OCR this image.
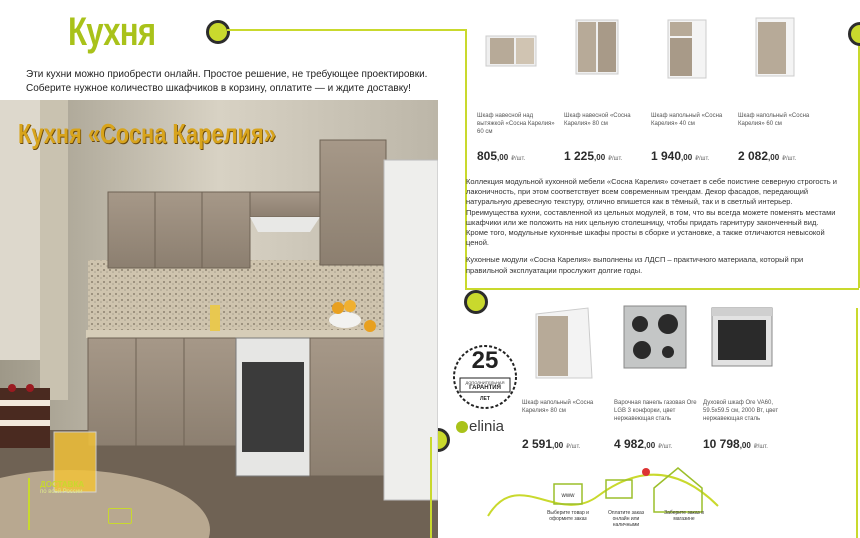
Кухня
Эти кухни можно приобрести онлайн. Простое решение, не требующее проектировки.
Соберите нужное количество шкафчиков в корзину, оплатите — и ждите доставку!
Кухня «Сосна Карелия»
ДОСТАВКА
по всей России
Шкаф навесной над вытяжкой «Сосна Карелия» 60 см
Шкаф навесной «Сосна Карелия» 80 см
Шкаф напольный «Сосна Карелия» 40 см
Шкаф напольный «Сосна Карелия» 60 см
805,00 ₽/шт.	1 225,00 ₽/шт. 1 940,00 ₽/шт. 2 082,00 ₽/шт.

Коллекция модульной кухонной мебели «Сосна Карелия» сочетает в себе поистине северную строгость и лаконичность, при этом соответствует всем современным трендам. Декор фасадов, передающий натуральную древесную текстуру, отлично впишется как в тёмный, так и в светлый интерьер. Преимущества кухни, составленной из цельных модулей, в том, что вы всегда можете поменять местами шкафчики или же положить на них цельную столешницу, чтобы придать гарнитуру законченный вид. Кроме того, модульные кухонные шкафы просты в сборке и установке, а также отличаются невысокой ценой.

Кухонные модули «Сосна Карелия» выполнены из ЛДСП – практичного материала, который при правильной эксплуатации прослужит долгие годы.

25
ДОПОЛНИТЕЛЬНАЯ
ГАРАНТИЯ
ЛЕТ
elinia
Шкаф напольный «Сосна Карелия» 80 см
Варочная панель газовая Ore LGB 3 конфорки, цвет нержавеющая сталь
Духовой шкаф Ore VA60, 59.5х59.5 см, 2000 Вт, цвет нержавеющая сталь
2 591,00 ₽/шт.	4 982,00 ₽/шт.	10 798,00 ₽/шт.
www
Выберите товар и оформите заказ
Оплатите заказ онлайн или наличными
Заберите заказ в магазине
